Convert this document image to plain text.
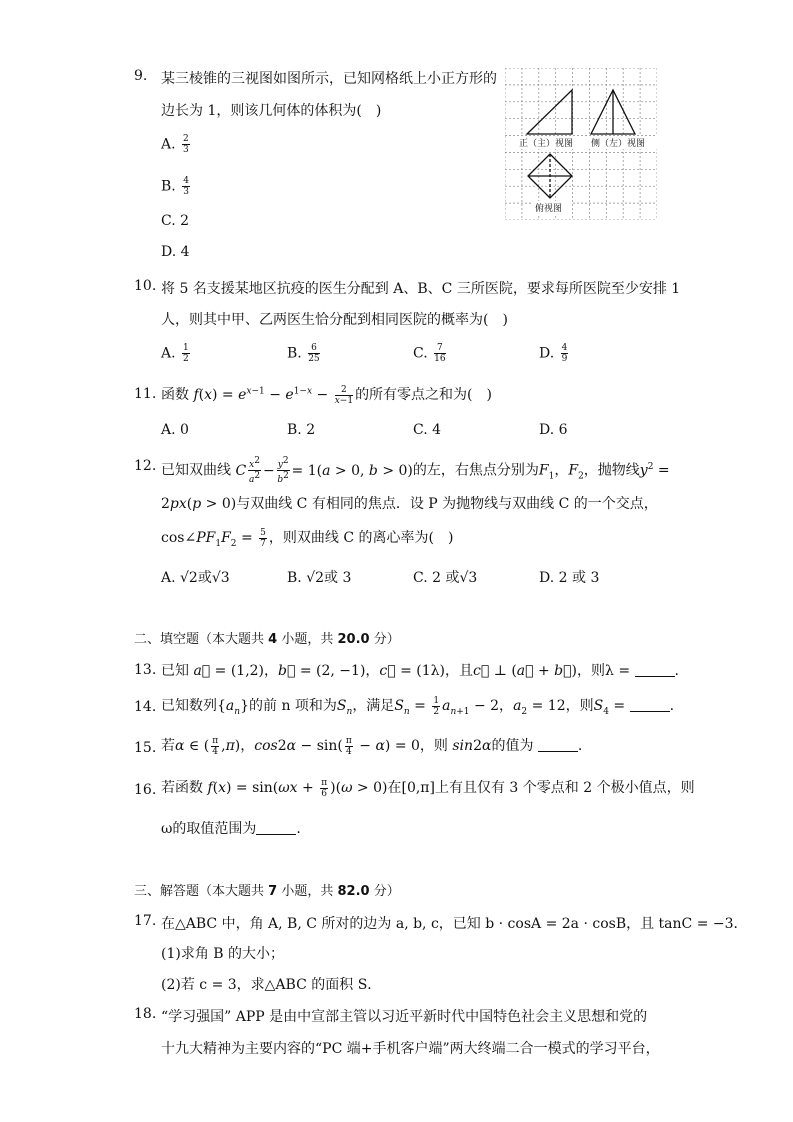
9. 某三棱锥的三视图如图所示，已知网格纸上小正方形的
边长为 1，则该几何体的体积为(　)
A. $\frac{2}{3}$
B. $\frac{4}{3}$
C. 2
D. 4
正（主）视图 侧（左）视图
俯视图
10. 将 5 名支援某地区抗疫的医生分配到 A、B、C 三所医院，要求每所医院至少安排 1
人，则其中甲、乙两医生恰分配到相同医院的概率为(　)
A. $\frac{1}{2}$	B. $\frac{6}{25}$	C. $\frac{7}{16}$	D. $\frac{4}{9}$
11. 函数 $f(x) = e^{x-1} - e^{1-x} - \frac{2}{x-1}$ 的所有零点之和为(　)
A. 0	B. 2	C. 4	D. 6
12. 已知双曲线 C $\frac{x^2}{a^2} - \frac{y^2}{b^2} = 1(a > 0$, b > 0)的左，右焦点分别为$F_1$，$F_2$，抛物线$y^2$ =
2px(p > 0)与双曲线 C 有相同的焦点．设 P 为抛物线与双曲线 C 的一个交点，
$\cos\angle PF_1F_2 = \frac{5}{7}$ ，则双曲线 C 的离心率为(　)
A. √2或√3	B. √2或 3	C. 2 或√3	D. 2 或 3
二、填空题（本大题共 4 小题，共 20.0 分）
13. 已知 a⃗ = (1,2)，b⃗ = (2, −1)，c⃗ = (1λ)，且c⃗ ⊥ (a⃗ + b⃗)，则λ =	.
14. 已知数列$\{a_n\}$的前 n 项和为$S_n$，满足$S_n = \frac{1}{2} a_{n+1} - 2$，$a_2 = 12$，则$S_4$ =	.
15. 若α ∈ ( $\frac{\pi}{4} ,\pi$)，$\cos 2\alpha - \sin( \frac{\pi}{4} - \alpha) = 0$，则 sin2α的值为	.
16. 若函数 $f(x) = \sin(\omega x + \frac{\pi}{6} )(\omega > 0)$在[0,π]上有且仅有 3 个零点和 2 个极小值点，则
ω的取值范围为	.
三、解答题（本大题共 7 小题，共 82.0 分）
17. 在△ABC 中，角 A, B, C 所对的边为 a, b, c，已知 b · cosA = 2a · cosB，且 tanC = −3．
(1)求角 B 的大小；
(2)若 c = 3，求△ABC 的面积 S．
18. “学习强国” APP 是由中宣部主管以习近平新时代中国特色社会主义思想和党的
十九大精神为主要内容的“PC 端+手机客户端”两大终端二合一模式的学习平台，
